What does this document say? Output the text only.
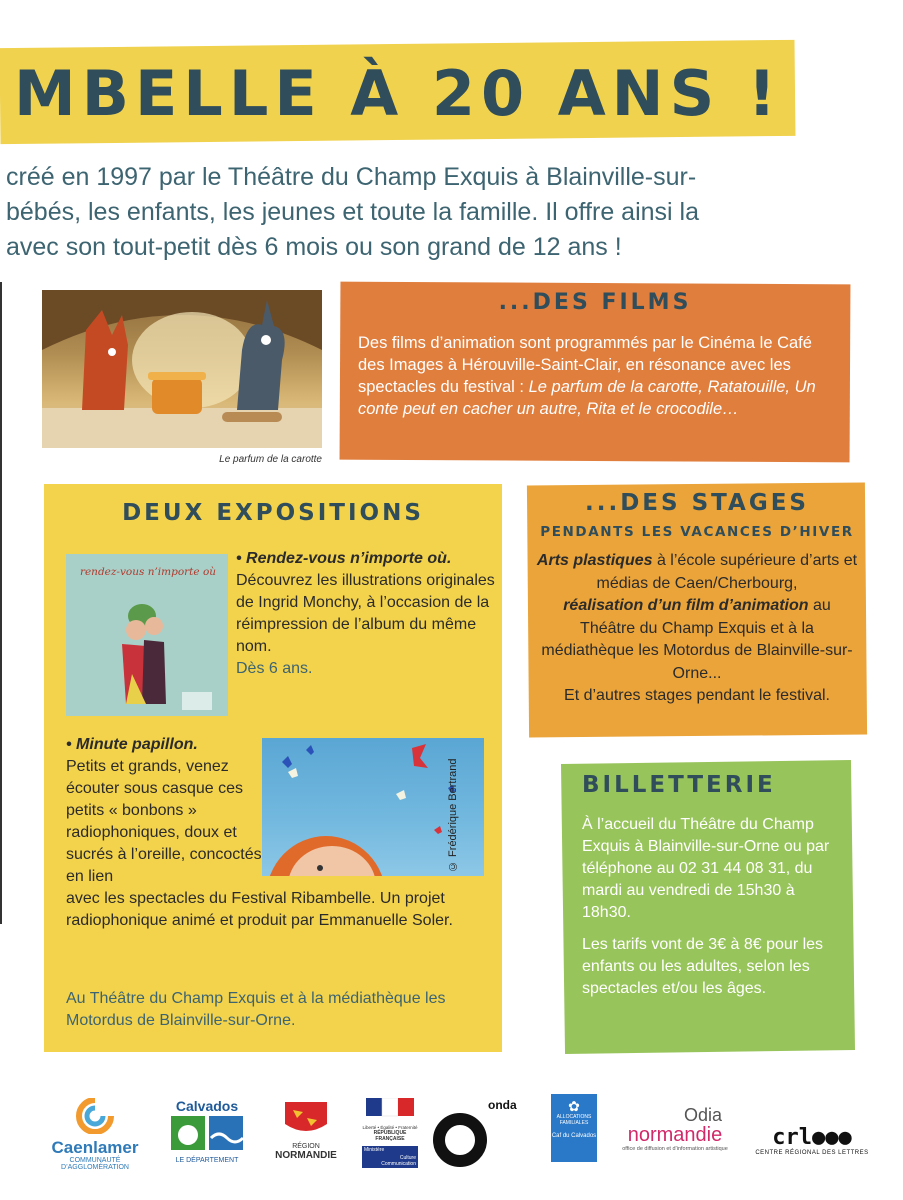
MBELLE À 20 ANS !
créé en 1997 par le Théâtre du Champ Exquis à Blainville-sur-
bébés, les enfants, les jeunes et toute la famille. Il offre ainsi la
avec son tout-petit dès 6 mois ou son grand de 12 ans !
Le parfum de la carotte
...DES FILMS
Des films d’animation sont programmés par le Cinéma le Café des Images à Hérouville-Saint-Clair, en résonance avec les spectacles du festival : Le parfum de la carotte, Ratatouille, Un conte peut en cacher un autre, Rita et le crocodile…
DEUX EXPOSITIONS
rendez-vous n’importe où
• Rendez-vous n’importe où.
Découvrez les illustrations originales de Ingrid Monchy, à l’occasion de la réimpression de l’album du même nom.
Dès 6 ans.
© Frédérique Bertrand
• Minute papillon.
Petits et grands, venez écouter sous casque ces petits « bonbons » radiophoniques, doux et sucrés à l’oreille, concoctés en lien
avec les spectacles du Festival Ribambelle. Un projet radiophonique animé et produit par Emmanuelle Soler.
Au Théâtre du Champ Exquis et à la médiathèque les Motordus de Blainville-sur-Orne.
...DES STAGES
PENDANTS LES VACANCES D’HIVER
Arts plastiques à l’école supérieure d’arts et médias de Caen/Cherbourg,
réalisation d’un film d’animation au Théâtre du Champ Exquis et à la médiathèque les Motordus de Blainville-sur-Orne...
Et d’autres stages pendant le festival.
BILLETTERIE

À l’accueil du Théâtre du Champ Exquis à Blainville-sur-Orne ou par téléphone au 02 31 44 08 31, du mardi au vendredi de 15h30 à 18h30.

Les tarifs vont de 3€ à 8€ pour les enfants ou les adultes, selon les spectacles et/ou les âges.

Caenlamer
COMMUNAUTÉ D’AGGLOMÉRATION
Calvados
LE DÉPARTEMENT
RÉGION
NORMANDIE
Liberté • Égalité • Fraternité
RÉPUBLIQUE FRANÇAISE
Ministère
Culture Communication
onda	✿
ALLOCATIONS FAMILIALES
Caf du Calvados
Odia
normandie
office de diffusion et d’information artistique	crl●●●
CENTRE RÉGIONAL DES LETTRES
